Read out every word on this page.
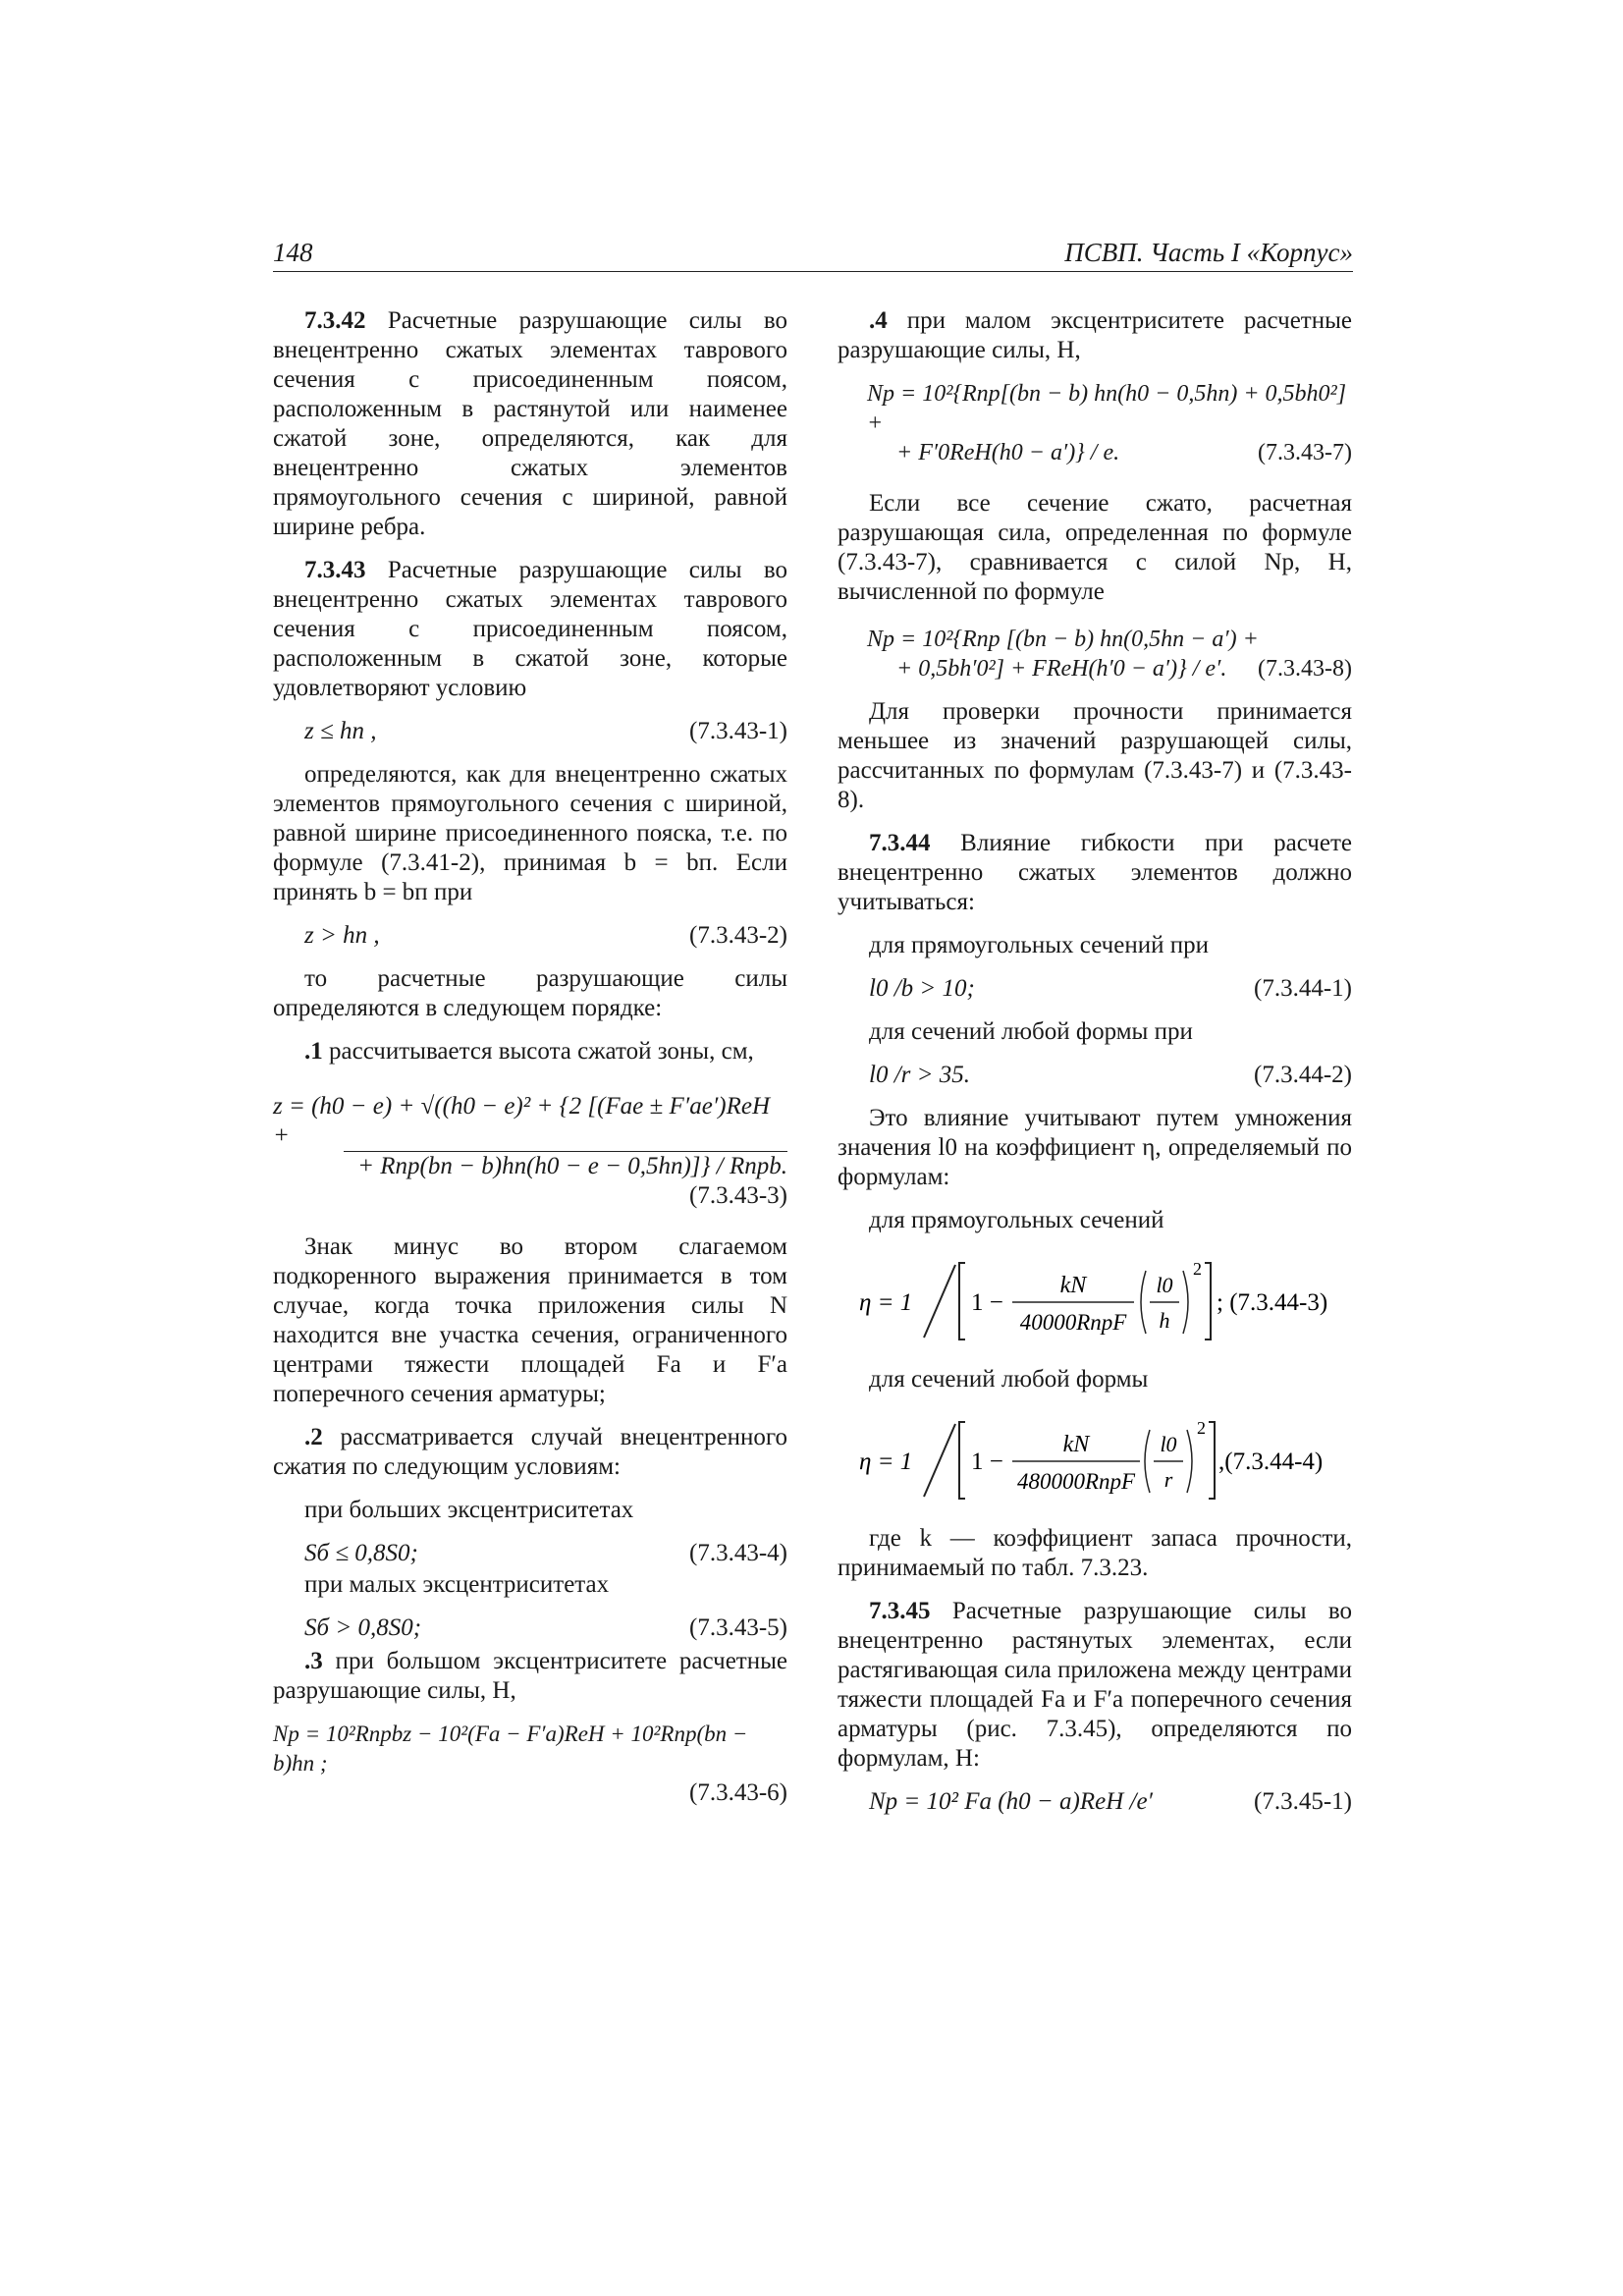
148	ПСВП. Часть I «Корпус»

7.3.42 Расчетные разрушающие силы во внецентренно сжатых элементах таврового сечения с присоединенным поясом, расположенным в растянутой или наименее сжатой зоне, определяются, как для внецентренно сжатых элементов прямоугольного сечения с шириной, равной ширине ребра.

7.3.43 Расчетные разрушающие силы во внецентренно сжатых элементах таврового сечения с присоединенным поясом, расположенным в сжатой зоне, которые удовлетворяют условию

z ≤ hп ,	(7.3.43-1)

определяются, как для внецентренно сжатых элементов прямоугольного сечения с шириной, равной ширине присоединенного пояска, т.е. по формуле (7.3.41-2), принимая b = bп. Если принять b = bп при

z > hп ,	(7.3.43-2)

то расчетные разрушающие силы определяются в следующем порядке:

.1 рассчитывается высота сжатой зоны, см,

z = (h0 − e) + √((h0 − e)² + {2 [(Fae ± F′ae′)ReH +
+ Rпр(bп − b)hп(h0 − e − 0,5hп)]} / Rпрb.
(7.3.43-3)

Знак минус во втором слагаемом подкоренного выражения принимается в том случае, когда точка приложения силы N находится вне участка сечения, ограниченного центрами тяжести площадей Fa и F′a поперечного сечения арматуры;

.2 рассматривается случай внецентренного сжатия по следующим условиям:

при больших эксцентриситетах

Sб ≤ 0,8S0;	(7.3.43-4)

при малых эксцентриситетах

Sб > 0,8S0;	(7.3.43-5)

.3 при большом эксцентриситете расчетные разрушающие силы, Н,

Np = 10²Rпрbz − 10²(Fa − F′a)ReH + 10²Rпр(bп − b)hп ;
(7.3.43-6)

.4 при малом эксцентриситете расчетные разрушающие силы, Н,

Np = 10²{Rпр[(bп − b) hп(h0 − 0,5hп) + 0,5bh0²] +
+ F′0ReH(h0 − a′)} / e.	(7.3.43-7)

Если все сечение сжато, расчетная разрушающая сила, определенная по формуле (7.3.43-7), сравнивается с силой Np, Н, вычисленной по формуле

Np = 10²{Rпр [(bп − b) hп(0,5hп − a′) +
+ 0,5bh′0²] + FReH(h′0 − a′)} / e′. (7.3.43-8)

Для проверки прочности принимается меньшее из значений разрушающей силы, рассчитанных по формулам (7.3.43-7) и (7.3.43-8).

7.3.44 Влияние гибкости при расчете внецентренно сжатых элементов должно учитываться:

для прямоугольных сечений при

l0 /b > 10;	(7.3.44-1)

для сечений любой формы при

l0 /r > 35.	(7.3.44-2)

Это влияние учитывают путем умножения значения l0 на коэффициент η, определяемый по формулам:

для прямоугольных сечений

η = 1 1 −
kN
40000RпрF
l0
h
2
; (7.3.44-3)

для сечений любой формы

η = 1 1 −
kN
480000RпрF
l0
r
2
,(7.3.44-4)

где k — коэффициент запаса прочности, принимаемый по табл. 7.3.23.

7.3.45 Расчетные разрушающие силы во внецентренно растянутых элементах, если растягивающая сила приложена между центрами тяжести площадей Fa и F′a поперечного сечения арматуры (рис. 7.3.45), определяются по формулам, Н:

Np = 10² Fa (h0 − a)ReH /e′	(7.3.45-1)
